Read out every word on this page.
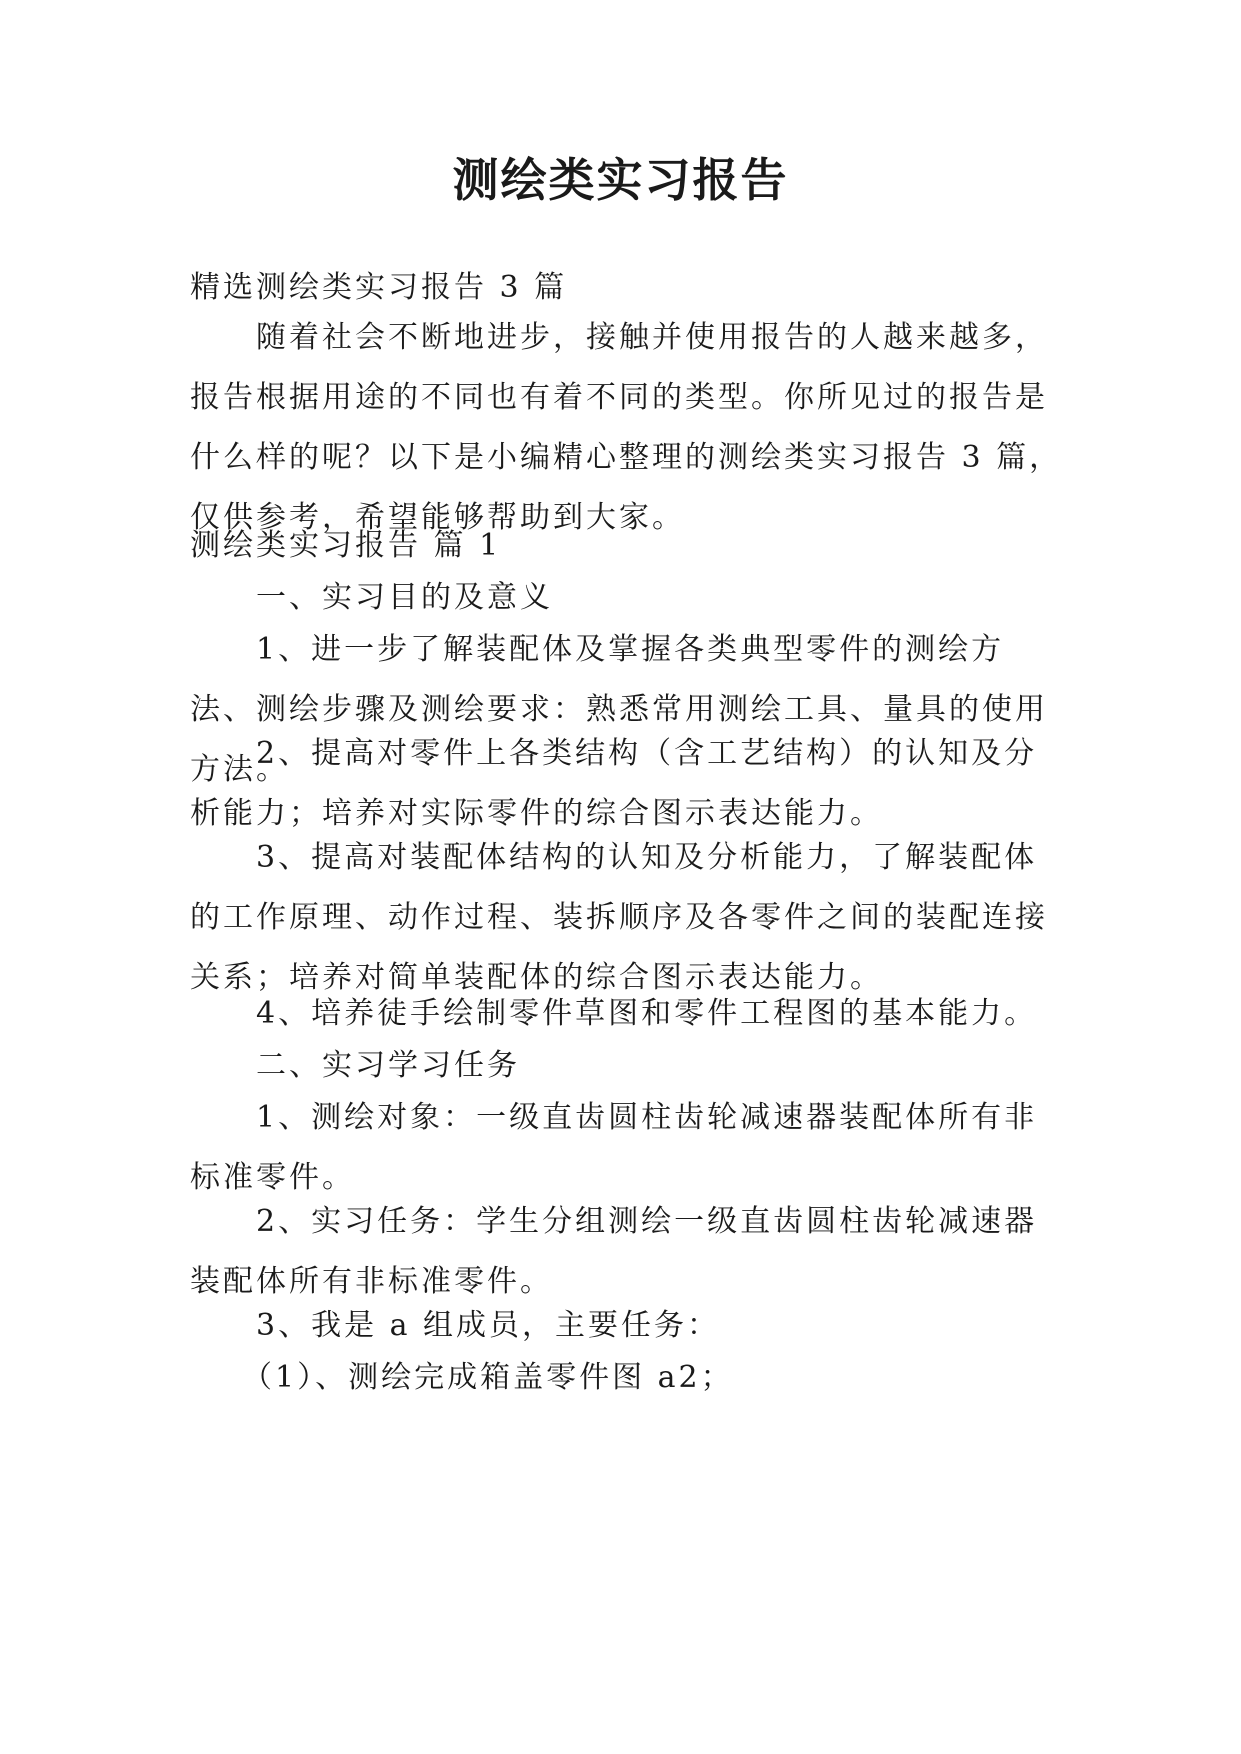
测绘类实习报告

精选测绘类实习报告 3 篇

随着社会不断地进步，接触并使用报告的人越来越多，报告根据用途的不同也有着不同的类型。你所见过的报告是什么样的呢？以下是小编精心整理的测绘类实习报告 3 篇，仅供参考，希望能够帮助到大家。

测绘类实习报告 篇 1

一、实习目的及意义

1、进一步了解装配体及掌握各类典型零件的测绘方法、测绘步骤及测绘要求：熟悉常用测绘工具、量具的使用方法。

2、提高对零件上各类结构（含工艺结构）的认知及分析能力；培养对实际零件的综合图示表达能力。

3、提高对装配体结构的认知及分析能力，了解装配体的工作原理、动作过程、装拆顺序及各零件之间的装配连接关系；培养对简单装配体的综合图示表达能力。

4、培养徒手绘制零件草图和零件工程图的基本能力。

二、实习学习任务

1、测绘对象：一级直齿圆柱齿轮减速器装配体所有非标准零件。

2、实习任务：学生分组测绘一级直齿圆柱齿轮减速器装配体所有非标准零件。

3、我是 a 组成员，主要任务：

（1）、测绘完成箱盖零件图 a2；
